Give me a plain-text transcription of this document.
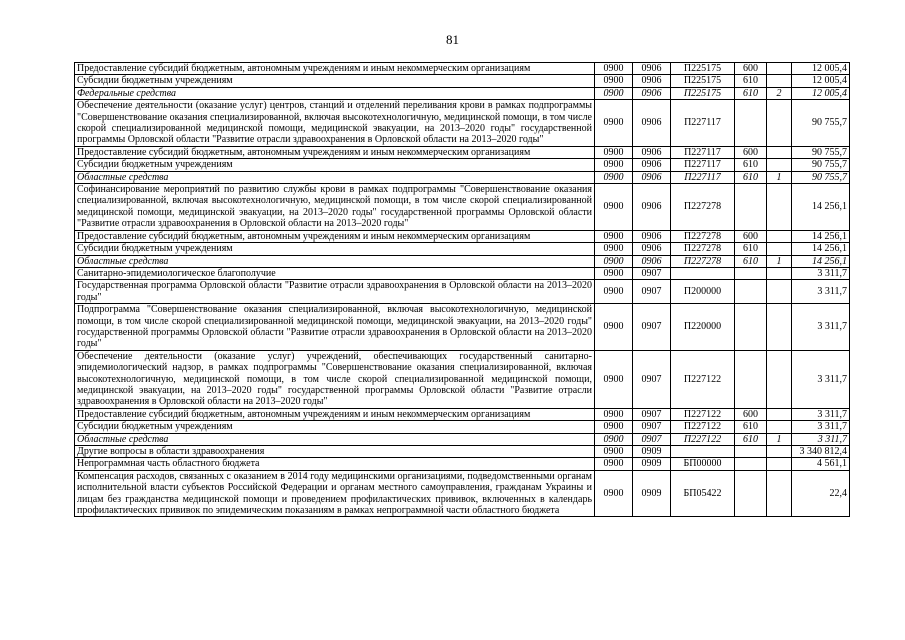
81
Предоставление субсидий бюджетным, автономным учреждениям и иным некоммерческим организациям	0900	0906	П225175	600		12 005,4
Субсидии бюджетным учреждениям	0900	0906	П225175	610		12 005,4
Федеральные средства	0900	0906	П225175	610	2	12 005,4
Обеспечение деятельности (оказание услуг) центров, станций и отделений переливания крови в рамках подпрограммы "Совершенствование оказания специализированной, включая высокотехнологичную, медицинской помощи, в том числе скорой специализированной медицинской помощи, медицинской эвакуации, на 2013–2020 годы" государственной программы Орловской области "Развитие отрасли здравоохранения в Орловской области на 2013–2020 годы"	0900	0906	П227117			90 755,7
Предоставление субсидий бюджетным, автономным учреждениям и иным некоммерческим организациям	0900	0906	П227117	600		90 755,7
Субсидии бюджетным учреждениям	0900	0906	П227117	610		90 755,7
Областные средства	0900	0906	П227117	610	1	90 755,7
Софинансирование мероприятий по развитию службы крови в рамках подпрограммы "Совершенствование оказания специализированной, включая высокотехнологичную, медицинской помощи, в том числе скорой специализированной медицинской помощи, медицинской эвакуации, на 2013–2020 годы" государственной программы Орловской области "Развитие отрасли здравоохранения в Орловской области на 2013–2020 годы"	0900	0906	П227278			14 256,1
Предоставление субсидий бюджетным, автономным учреждениям и иным некоммерческим организациям	0900	0906	П227278	600		14 256,1
Субсидии бюджетным учреждениям	0900	0906	П227278	610		14 256,1
Областные средства	0900	0906	П227278	610	1	14 256,1
Санитарно-эпидемиологическое благополучие	0900	0907				3 311,7
Государственная программа Орловской области "Развитие отрасли здравоохранения в Орловской области на 2013–2020 годы"	0900	0907	П200000			3 311,7
Подпрограмма "Совершенствование оказания специализированной, включая высокотехнологичную, медицинской помощи, в том числе скорой специализированной медицинской помощи, медицинской эвакуации, на 2013–2020 годы" государственной программы Орловской области "Развитие отрасли здравоохранения в Орловской области на 2013–2020 годы"	0900	0907	П220000			3 311,7
Обеспечение деятельности (оказание услуг) учреждений, обеспечивающих государственный санитарно-эпидемиологический надзор, в рамках подпрограммы "Совершенствование оказания специализированной, включая высокотехнологичную, медицинской помощи, в том числе скорой специализированной медицинской помощи, медицинской эвакуации, на 2013–2020 годы" государственной программы Орловской области "Развитие отрасли здравоохранения в Орловской области на 2013–2020 годы"	0900	0907	П227122			3 311,7
Предоставление субсидий бюджетным, автономным учреждениям и иным некоммерческим организациям	0900	0907	П227122	600		3 311,7
Субсидии бюджетным учреждениям	0900	0907	П227122	610		3 311,7
Областные средства	0900	0907	П227122	610	1	3 311,7
Другие вопросы в области здравоохранения	0900	0909				3 340 812,4
Непрограммная часть областного бюджета	0900	0909	БП00000			4 561,1
Компенсация расходов, связанных с оказанием в 2014 году медицинскими организациями, подведомственными органам исполнительной власти субъектов Российской Федерации и органам местного самоуправления, гражданам Украины и лицам без гражданства медицинской помощи и проведением профилактических прививок, включенных в календарь профилактических прививок по эпидемическим показаниям в рамках непрограммной части областного бюджета	0900	0909	БП05422			22,4
